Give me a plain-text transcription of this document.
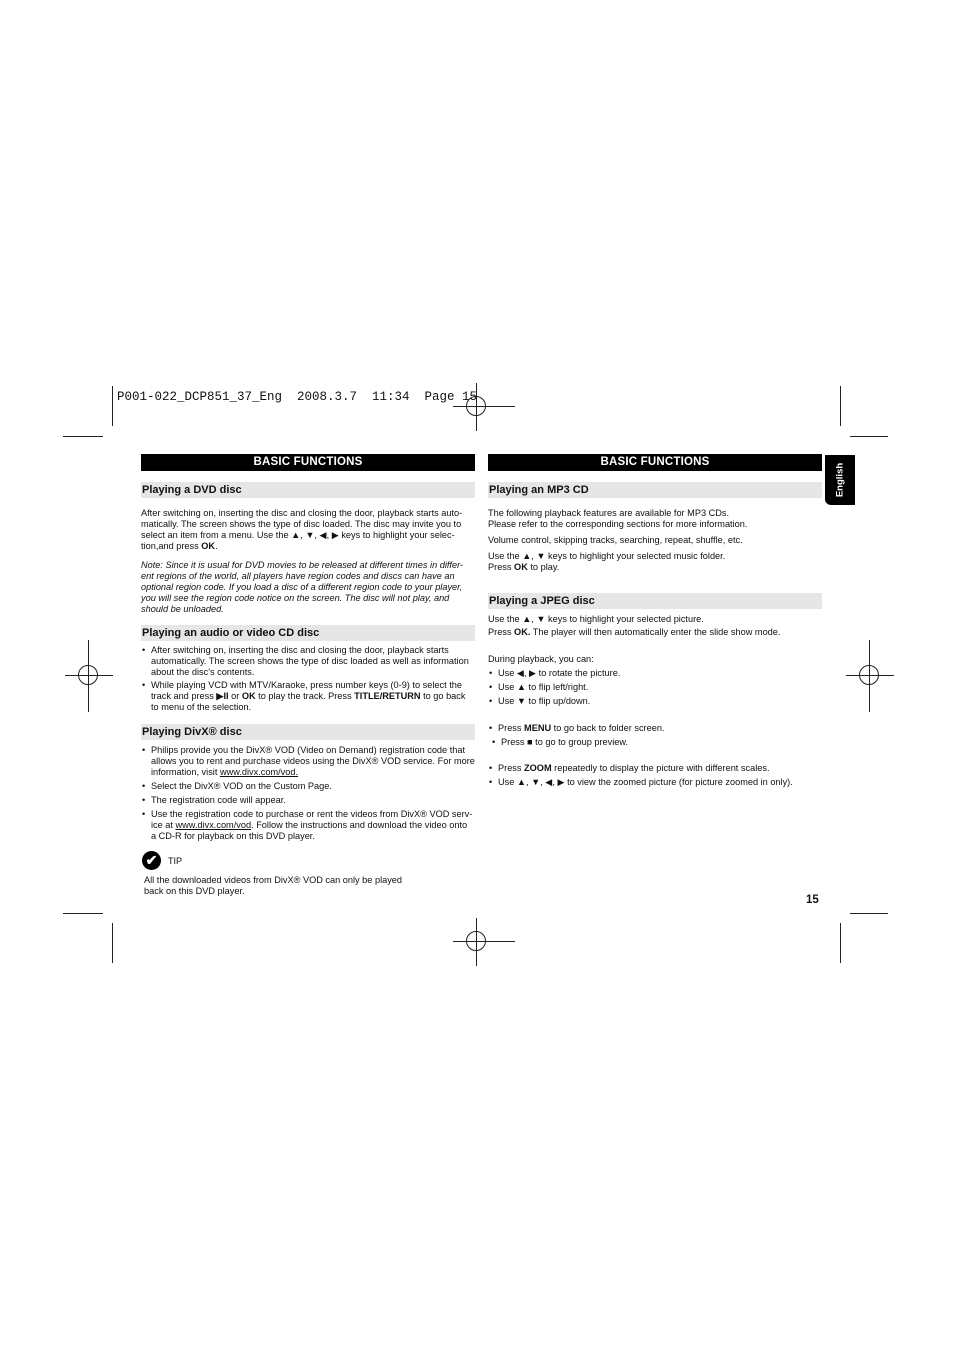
P001-022_DCP851_37_Eng  2008.3.7  11:34  Page 15
English
15
BASIC FUNCTIONS
Playing a DVD disc

After switching on, inserting the disc and closing the door, playback starts auto-

matically. The screen shows the type of disc loaded. The disc may invite you to

select an item from a menu. Use the ▲, ▼, ◀, ▶ keys to highlight your selec-

tion,and press OK.

Note: Since it is usual for DVD movies to be released at different times in differ-

ent regions of the world, all players have region codes and discs can have an

optional region code. If you load a disc of a different region code to your player,

you will see the region code notice on the screen. The disc will not play, and

should be unloaded.

Playing an audio or video CD disc

• After switching on, inserting the disc and closing the door, playback starts

automatically. The screen shows the type of disc loaded as well as information

about the disc's contents.

• While playing VCD with MTV/Karaoke, press number keys (0-9) to select the

track and press ▶II or OK to play the track. Press TITLE/RETURN to go back

to menu of the selection.

Playing DivX® disc

• Philips provide you the DivX® VOD (Video on Demand) registration code that

allows you to rent and purchase videos using the DivX® VOD service. For more

information, visit www.divx.com/vod.

• Select the DivX® VOD on the Custom Page.

• The registration code will appear.

• Use the registration code to purchase or rent the videos from DivX® VOD serv-

ice at www.divx.com/vod. Follow the instructions and download the video onto

a CD-R for playback on this DVD player.

✔	TIP

All the downloaded videos from DivX® VOD can only be played

back on this DVD player.

BASIC FUNCTIONS
Playing an MP3 CD

The following playback features are available for MP3 CDs.

Please refer to the corresponding sections for more information.

Volume control, skipping tracks, searching, repeat, shuffle, etc.

Use the ▲, ▼ keys to highlight your selected music folder.

Press OK to play.

Playing a JPEG disc

Use the ▲, ▼ keys to highlight your selected picture.

Press OK. The player will then automatically enter the slide show mode.

During playback, you can:

• Use ◀, ▶ to rotate the picture.

• Use ▲ to flip left/right.

• Use ▼ to flip up/down.

• Press MENU to go back to folder screen.

• Press ■ to go to group preview.

• Press ZOOM repeatedly to display the picture with different scales.

• Use ▲, ▼, ◀, ▶ to view the zoomed picture (for picture zoomed in only).
